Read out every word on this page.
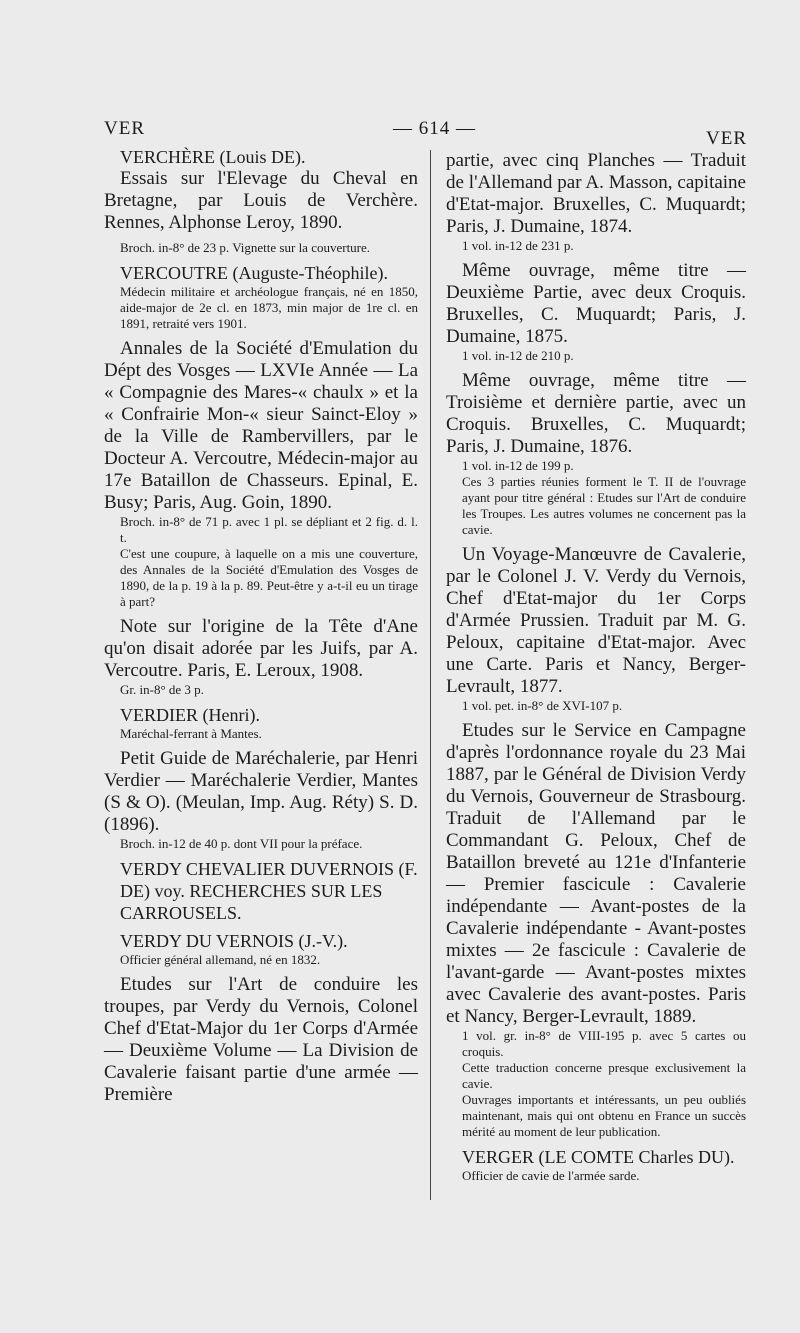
VER	— 614 —	VER
VERCHÈRE (Louis DE).
Essais sur l'Elevage du Cheval en Bretagne, par Louis de Verchère. Rennes, Alphonse Leroy, 1890.
Broch. in-8° de 23 p. Vignette sur la couverture.
VERCOUTRE (Auguste-Théophile).
Médecin militaire et archéologue français, né en 1850, aide-major de 2e cl. en 1873, min major de 1re cl. en 1891, retraité vers 1901.
Annales de la Société d'Emulation du Dépt des Vosges — LXVIe Année — La « Compagnie des Mares-« chaulx » et la « Confrairie Mon-« sieur Sainct-Eloy » de la Ville de Rambervillers, par le Docteur A. Vercoutre, Médecin-major au 17e Bataillon de Chasseurs. Epinal, E. Busy; Paris, Aug. Goin, 1890.
Broch. in-8° de 71 p. avec 1 pl. se dépliant et 2 fig. d. l. t.
C'est une coupure, à laquelle on a mis une couverture, des Annales de la Société d'Emulation des Vosges de 1890, de la p. 19 à la p. 89. Peut-être y a-t-il eu un tirage à part?
Note sur l'origine de la Tête d'Ane qu'on disait adorée par les Juifs, par A. Vercoutre. Paris, E. Leroux, 1908.
Gr. in-8° de 3 p.
VERDIER (Henri).
Maréchal-ferrant à Mantes.
Petit Guide de Maréchalerie, par Henri Verdier — Maréchalerie Verdier, Mantes (S & O). (Meulan, Imp. Aug. Réty) S. D. (1896).
Broch. in-12 de 40 p. dont VII pour la préface.
VERDY CHEVALIER DUVERNOIS (F. DE) voy. RECHERCHES SUR LES CARROUSELS.
VERDY DU VERNOIS (J.-V.).
Officier général allemand, né en 1832.
Etudes sur l'Art de conduire les troupes, par Verdy du Vernois, Colonel Chef d'Etat-Major du 1er Corps d'Armée — Deuxième Volume — La Division de Cavalerie faisant partie d'une armée — Première
partie, avec cinq Planches — Traduit de l'Allemand par A. Masson, capitaine d'Etat-major. Bruxelles, C. Muquardt; Paris, J. Dumaine, 1874.
1 vol. in-12 de 231 p.
Même ouvrage, même titre — Deuxième Partie, avec deux Croquis. Bruxelles, C. Muquardt; Paris, J. Dumaine, 1875.
1 vol. in-12 de 210 p.
Même ouvrage, même titre — Troisième et dernière partie, avec un Croquis. Bruxelles, C. Muquardt; Paris, J. Dumaine, 1876.
1 vol. in-12 de 199 p.
Ces 3 parties réunies forment le T. II de l'ouvrage ayant pour titre général : Etudes sur l'Art de conduire les Troupes. Les autres volumes ne concernent pas la cavie.
Un Voyage-Manœuvre de Cavalerie, par le Colonel J. V. Verdy du Vernois, Chef d'Etat-major du 1er Corps d'Armée Prussien. Traduit par M. G. Peloux, capitaine d'Etat-major. Avec une Carte. Paris et Nancy, Berger-Levrault, 1877.
1 vol. pet. in-8° de XVI-107 p.
Etudes sur le Service en Campagne d'après l'ordonnance royale du 23 Mai 1887, par le Général de Division Verdy du Vernois, Gouverneur de Strasbourg. Traduit de l'Allemand par le Commandant G. Peloux, Chef de Bataillon breveté au 121e d'Infanterie — Premier fascicule : Cavalerie indépendante — Avant-postes de la Cavalerie indépendante - Avant-postes mixtes — 2e fascicule : Cavalerie de l'avant-garde — Avant-postes mixtes avec Cavalerie des avant-postes. Paris et Nancy, Berger-Levrault, 1889.
1 vol. gr. in-8° de VIII-195 p. avec 5 cartes ou croquis.
Cette traduction concerne presque exclusivement la cavie.
Ouvrages importants et intéressants, un peu oubliés maintenant, mais qui ont obtenu en France un succès mérité au moment de leur publication.
VERGER (LE COMTE Charles DU).
Officier de cavie de l'armée sarde.
